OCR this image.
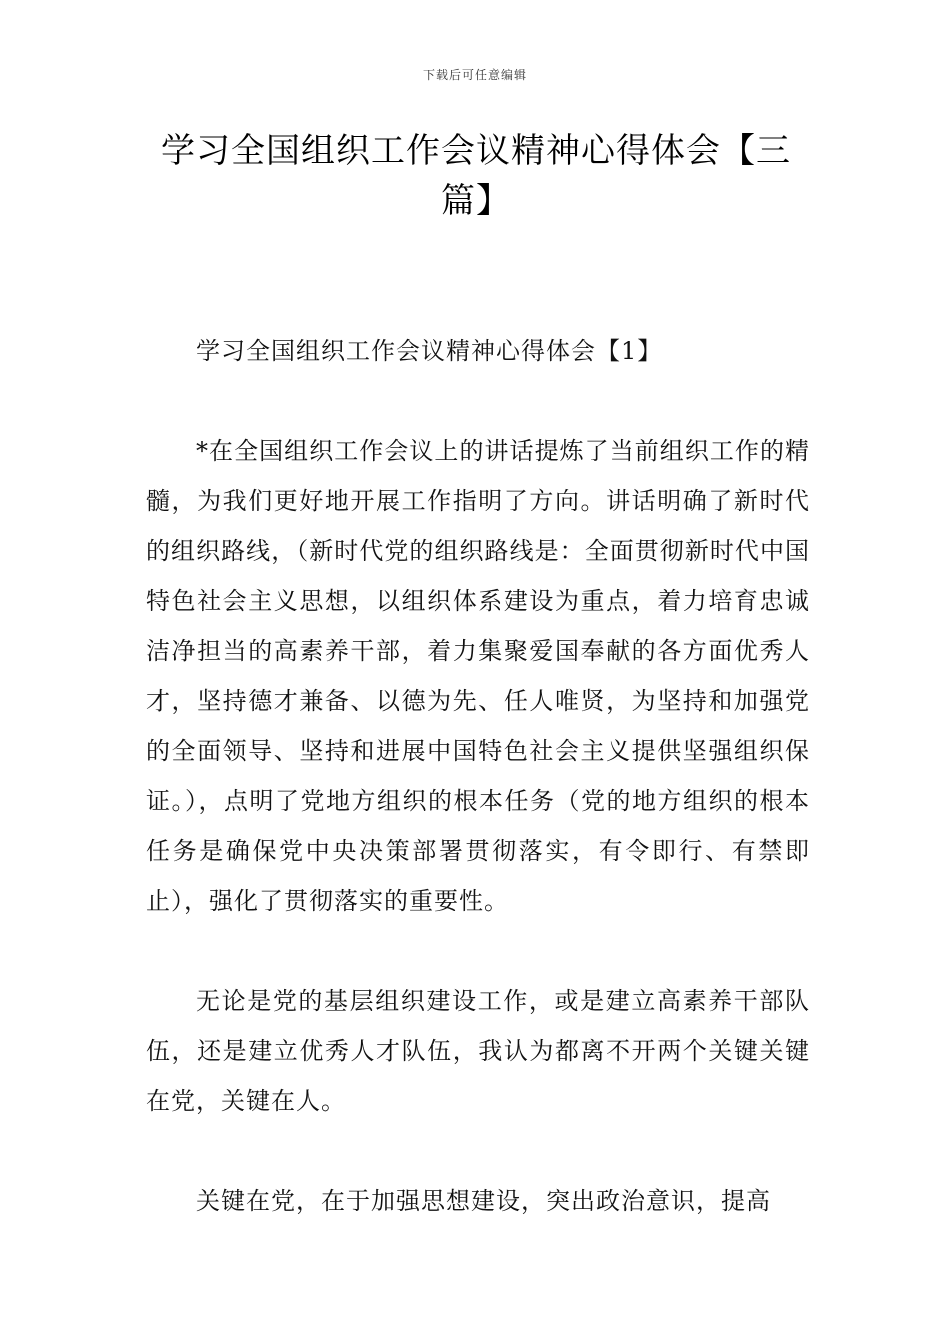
下载后可任意编辑
学习全国组织工作会议精神心得体会【三篇】

学习全国组织工作会议精神心得体会【1】

*在全国组织工作会议上的讲话提炼了当前组织工作的精髓，为我们更好地开展工作指明了方向。讲话明确了新时代的组织路线，（新时代党的组织路线是：全面贯彻新时代中国特色社会主义思想，以组织体系建设为重点，着力培育忠诚洁净担当的高素养干部，着力集聚爱国奉献的各方面优秀人才，坚持德才兼备、以德为先、任人唯贤，为坚持和加强党的全面领导、坚持和进展中国特色社会主义提供坚强组织保证。），点明了党地方组织的根本任务（党的地方组织的根本任务是确保党中央决策部署贯彻落实，有令即行、有禁即止），强化了贯彻落实的重要性。

无论是党的基层组织建设工作，或是建立高素养干部队伍，还是建立优秀人才队伍，我认为都离不开两个关键关键在党，关键在人。

关键在党，在于加强思想建设，突出政治意识，提高
